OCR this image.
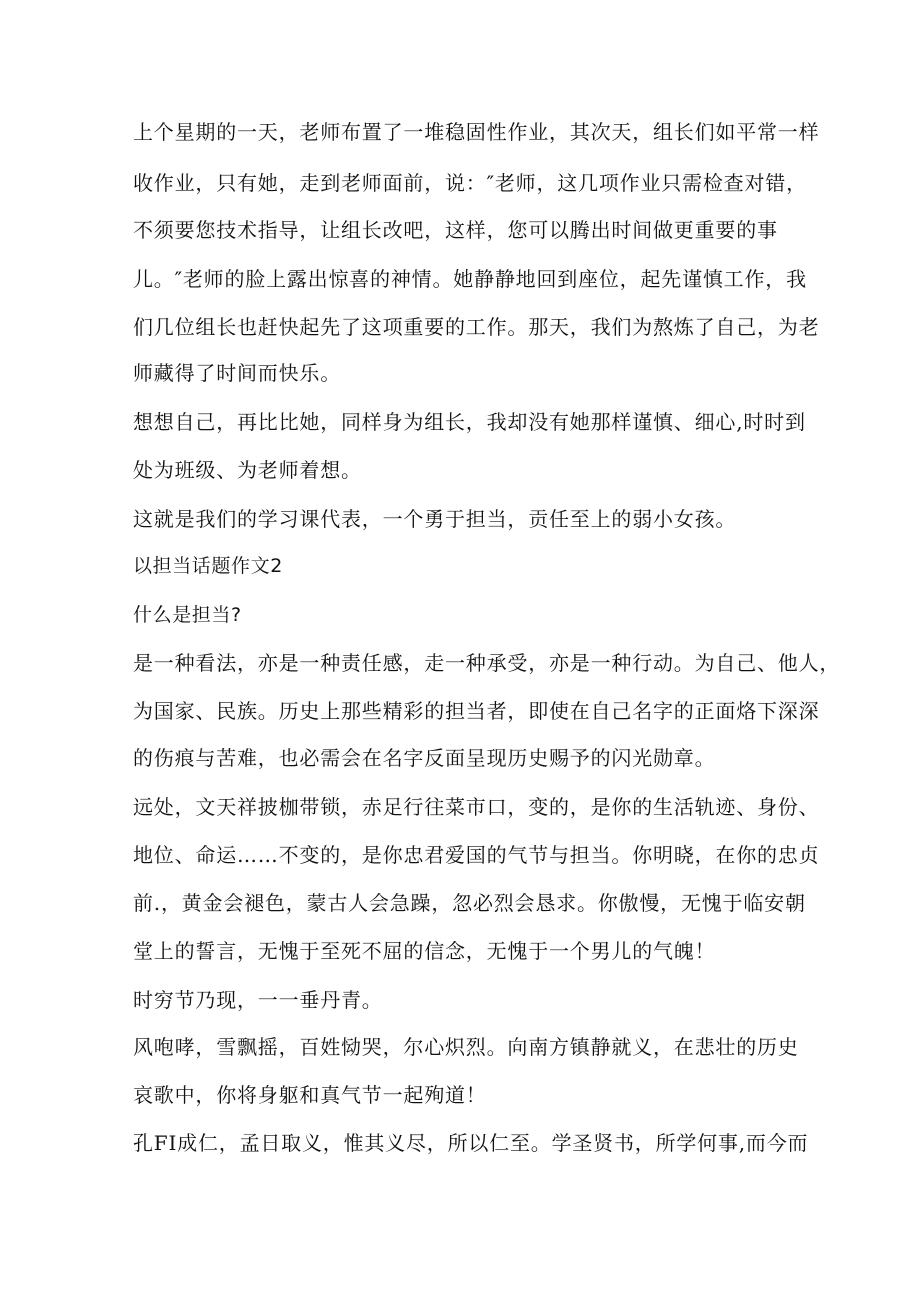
上个星期的一天，老师布置了一堆稳固性作业，其次天，组长们如平常一样
收作业，只有她，走到老师面前，说：″老师，这几项作业只需检查对错，
不须要您技术指导，让组长改吧，这样，您可以腾出时间做更重要的事
儿。″老师的脸上露出惊喜的神情。她静静地回到座位，起先谨慎工作，我
们几位组长也赶快起先了这项重要的工作。那天，我们为熬炼了自己，为老
师藏得了时间而快乐。
想想自己，再比比她，同样身为组长，我却没有她那样谨慎、细心,时时到
处为班级、为老师着想。
这就是我们的学习课代表，一个勇于担当，贡任至上的弱小女孩。
以担当话题作文2
什么是担当?
是一种看法，亦是一种责任感，走一种承受，亦是一种行动。为自己、他人，
为国家、民族。历史上那些精彩的担当者，即使在自己名字的正面烙下深深
的伤痕与苦难，也必需会在名字反面呈现历史赐予的闪光勋章。
远处，文天祥披枷带锁，赤足行往菜市口，变的，是你的生活轨迹、身份、
地位、命运……不变的，是你忠君爱国的气节与担当。你明晓，在你的忠贞
前.，黄金会褪色，蒙古人会急躁，忽必烈会恳求。你傲慢，无愧于临安朝
堂上的誓言，无愧于至死不屈的信念，无愧于一个男儿的气魄！
时穷节乃现，一一垂丹青。
风咆哮，雪飘摇，百姓恸哭，尔心炽烈。向南方镇静就义，在悲壮的历史
哀歌中，你将身躯和真气节一起殉道！
孔FI成仁，孟日取义，惟其义尽，所以仁至。学圣贤书，所学何事,而今而
